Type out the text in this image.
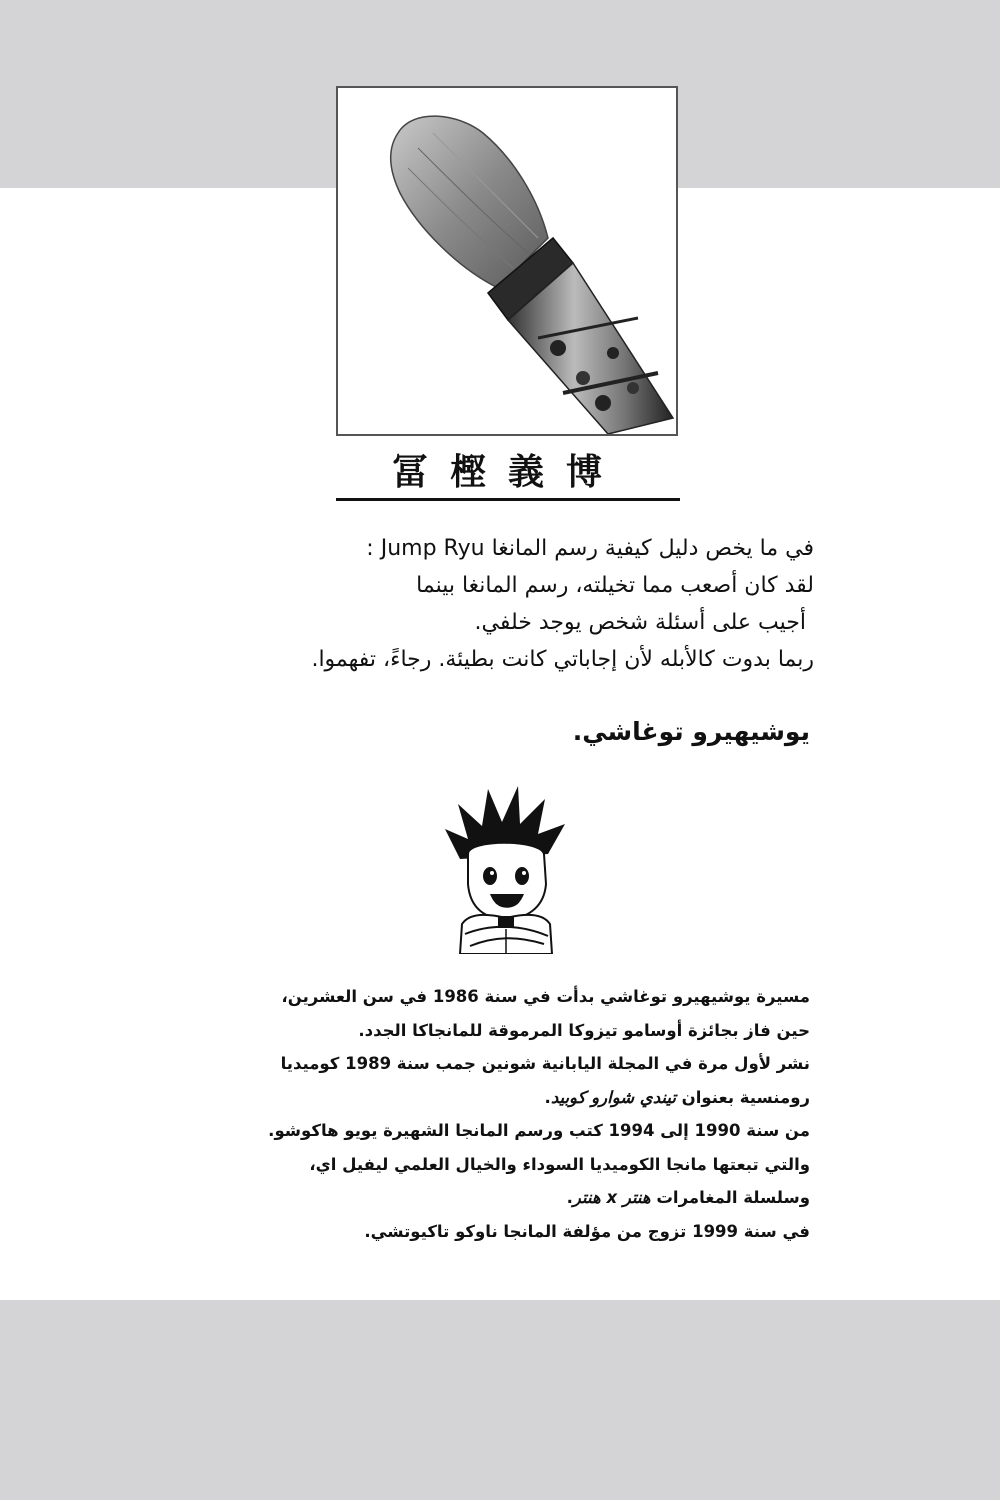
冨樫義博
في ما يخص دليل كيفية رسم المانغا Jump Ryu :
لقد كان أصعب مما تخيلته، رسم المانغا بينما
أجيب على أسئلة شخص يوجد خلفي.
ربما بدوت كالأبله لأن إجاباتي كانت بطيئة. رجاءً، تفهموا.
يوشيهيرو توغاشي.
مسيرة يوشيهيرو توغاشي بدأت في سنة 1986 في سن العشرين،
حين فاز بجائزة أوسامو تيزوكا المرموقة للمانجاكا الجدد.
نشر لأول مرة في المجلة اليابانية شونين جمب سنة 1989 كوميديا
رومنسية بعنوان تيندي شوارو كوبيد.
من سنة 1990 إلى 1994 كتب ورسم المانجا الشهيرة يويو هاكوشو.
والتي تبعتها مانجا الكوميديا السوداء والخيال العلمي ليفيل اي،
وسلسلة المغامرات هنتر x هنتر.
في سنة 1999 تزوج من مؤلفة المانجا ناوكو تاكيوتشي.
